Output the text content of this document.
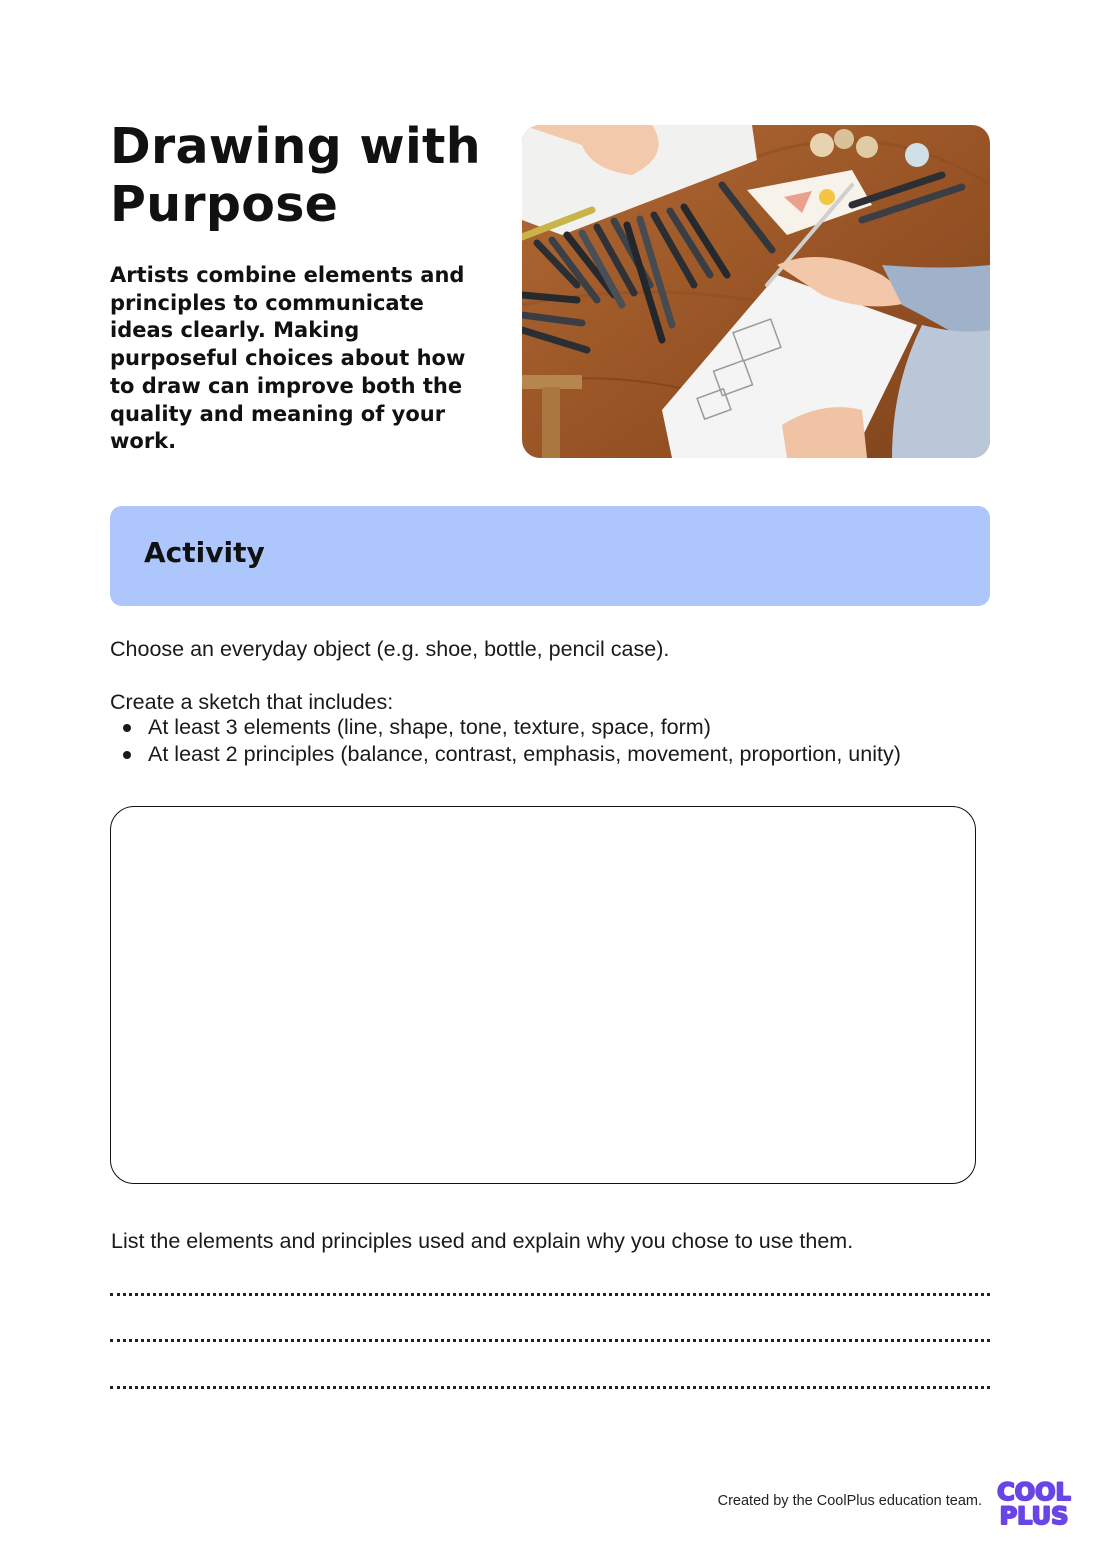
Drawing with Purpose

Artists combine elements and principles to communicate ideas clearly. Making purposeful choices about how to draw can improve both the quality and meaning of your work.

Activity

Choose an everyday object (e.g. shoe, bottle, pencil case).

Create a sketch that includes:

At least 3 elements (line, shape, tone, texture, space, form)
At least 2 principles (balance, contrast, emphasis, movement, proportion, unity)

List the elements and principles used and explain why you chose to use them.

Created by the CoolPlus education team. COOL
PLUS
